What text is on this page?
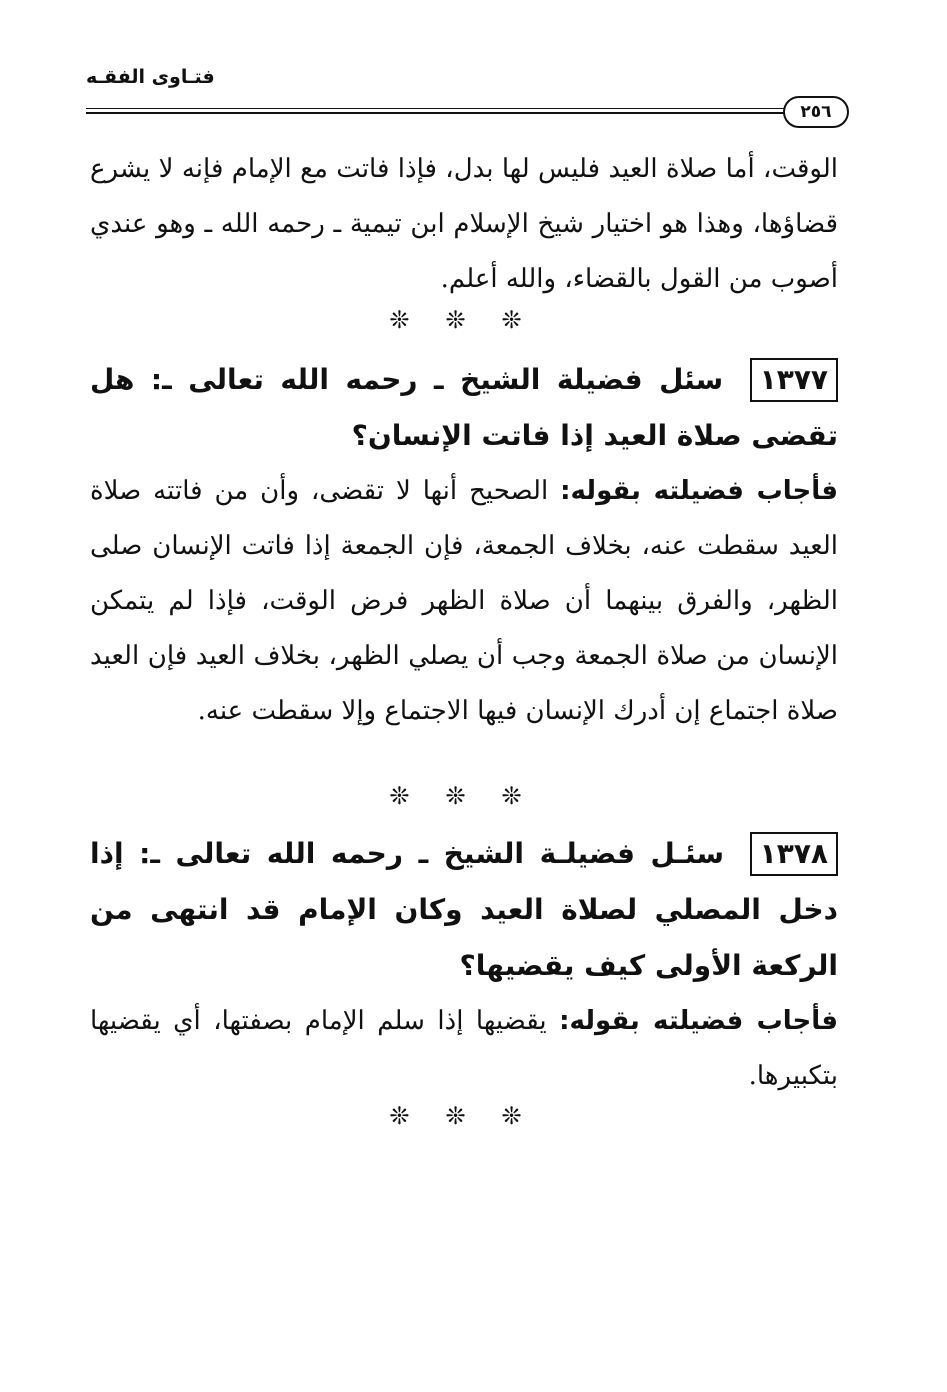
فتـاوى الفقـه
٢٥٦

الوقت، أما صلاة العيد فليس لها بدل، فإذا فاتت مع الإمام فإنه لا يشرع قضاؤها، وهذا هو اختيار شيخ الإسلام ابن تيمية ـ رحمه الله ـ وهو عندي أصوب من القول بالقضاء، والله أعلم.

❊❊❊

١٣٧٧ سئل فضيلة الشيخ ـ رحمه الله تعالى ـ: هل تقضى صلاة العيد إذا فاتت الإنسان؟

فأجاب فضيلته بقوله: الصحيح أنها لا تقضى، وأن من فاتته صلاة العيد سقطت عنه، بخلاف الجمعة، فإن الجمعة إذا فاتت الإنسان صلى الظهر، والفرق بينهما أن صلاة الظهر فرض الوقت، فإذا لم يتمكن الإنسان من صلاة الجمعة وجب أن يصلي الظهر، بخلاف العيد فإن العيد صلاة اجتماع إن أدرك الإنسان فيها الاجتماع وإلا سقطت عنه.

❊❊❊

١٣٧٨ سئـل فضيلـة الشيخ ـ رحمه الله تعالى ـ: إذا دخل المصلي لصلاة العيد وكان الإمام قد انتهى من الركعة الأولى كيف يقضيها؟

فأجاب فضيلته بقوله: يقضيها إذا سلم الإمام بصفتها، أي يقضيها بتكبيرها.

❊❊❊
